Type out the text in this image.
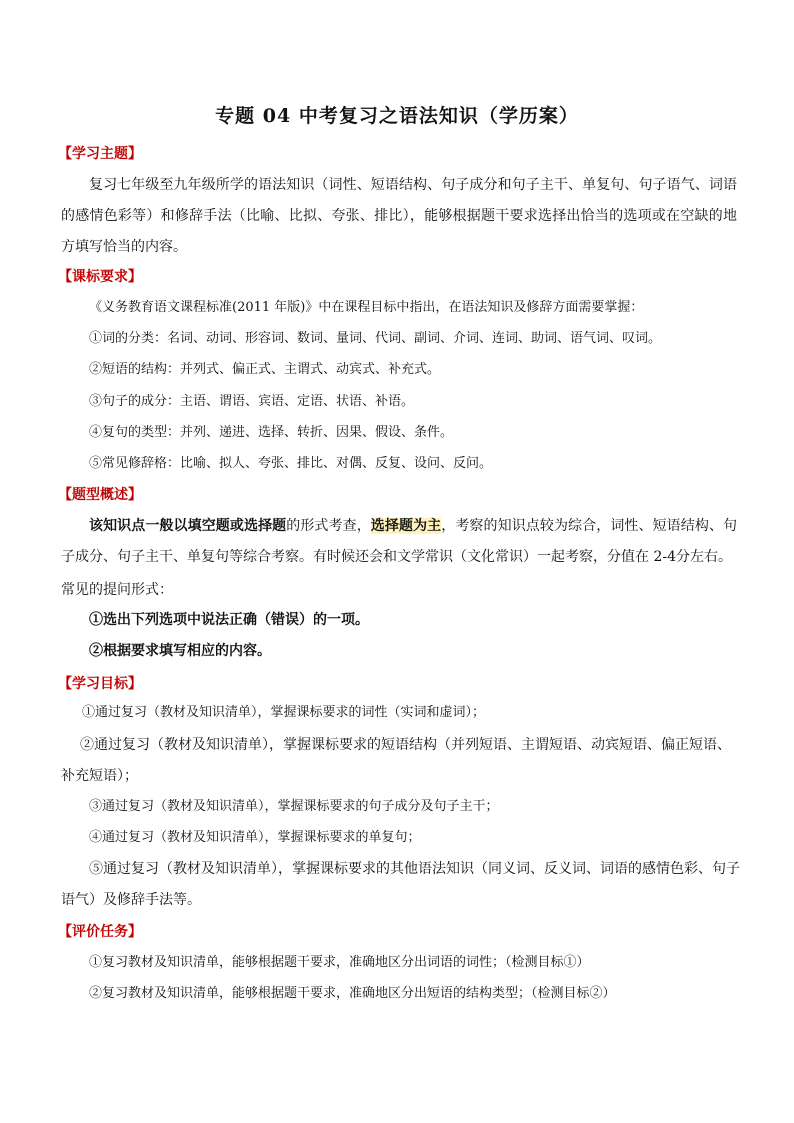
专题 04 中考复习之语法知识（学历案）
【学习主题】
复习七年级至九年级所学的语法知识（词性、短语结构、句子成分和句子主干、单复句、句子语气、词语的感情色彩等）和修辞手法（比喻、比拟、夸张、排比），能够根据题干要求选择出恰当的选项或在空缺的地方填写恰当的内容。
【课标要求】
《义务教育语文课程标准(2011 年版)》中在课程目标中指出，在语法知识及修辞方面需要掌握：
①词的分类：名词、动词、形容词、数词、量词、代词、副词、介词、连词、助词、语气词、叹词。
②短语的结构：并列式、偏正式、主谓式、动宾式、补充式。
③句子的成分：主语、谓语、宾语、定语、状语、补语。
④复句的类型：并列、递进、选择、转折、因果、假设、条件。
⑤常见修辞格：比喻、拟人、夸张、排比、对偶、反复、设问、反问。
【题型概述】
该知识点一般以填空题或选择题的形式考查，选择题为主，考察的知识点较为综合，词性、短语结构、句子成分、句子主干、单复句等综合考察。有时候还会和文学常识（文化常识）一起考察，分值在 2-4分左右。
常见的提问形式：
①选出下列选项中说法正确（错误）的一项。
②根据要求填写相应的内容。
【学习目标】
①通过复习（教材及知识清单），掌握课标要求的词性（实词和虚词）；
②通过复习（教材及知识清单），掌握课标要求的短语结构（并列短语、主谓短语、动宾短语、偏正短语、
补充短语）；
③通过复习（教材及知识清单），掌握课标要求的句子成分及句子主干；
④通过复习（教材及知识清单），掌握课标要求的单复句；
⑤通过复习（教材及知识清单），掌握课标要求的其他语法知识（同义词、反义词、词语的感情色彩、句子
语气）及修辞手法等。
【评价任务】
①复习教材及知识清单，能够根据题干要求，准确地区分出词语的词性；（检测目标①）
②复习教材及知识清单，能够根据题干要求，准确地区分出短语的结构类型；（检测目标②）
